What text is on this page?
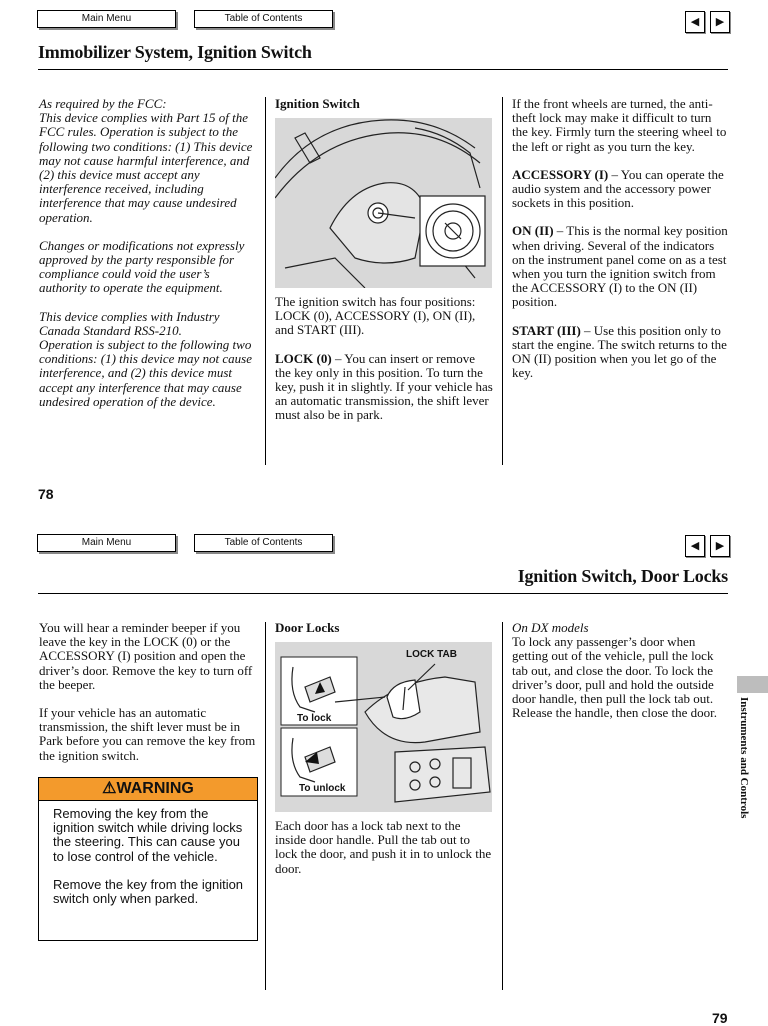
Main Menu	Table of Contents	◀	▶
Immobilizer System, Ignition Switch

As required by the FCC:

This device complies with Part 15 of the FCC rules. Operation is subject to the following two conditions: (1) This device may not cause harmful interference, and (2) this device must accept any interference received, including interference that may cause undesired operation.

Changes or modifications not expressly approved by the party responsible for compliance could void the user’s authority to operate the equipment.

This device complies with Industry Canada Standard RSS-210.

Operation is subject to the following two conditions: (1) this device may not cause interference, and (2) this device must accept any interference that may cause undesired operation of the device.

Ignition Switch

The ignition switch has four positions: LOCK (0), ACCESSORY (I), ON (II), and START (III).

LOCK (0) ‒ You can insert or remove the key only in this position. To turn the key, push it in slightly. If your vehicle has an automatic transmission, the shift lever must also be in park.

If the front wheels are turned, the anti-theft lock may make it difficult to turn the key. Firmly turn the steering wheel to the left or right as you turn the key.

ACCESSORY (I) ‒ You can operate the audio system and the accessory power sockets in this position.

ON (II) ‒ This is the normal key position when driving. Several of the indicators on the instrument panel come on as a test when you turn the ignition switch from the ACCESSORY (I) to the ON (II) position.

START (III) ‒ Use this position only to start the engine. The switch returns to the ON (II) position when you let go of the key.

78
Main Menu	Table of Contents	◀	▶
Ignition Switch, Door Locks

You will hear a reminder beeper if you leave the key in the LOCK (0) or the ACCESSORY (I) position and open the driver’s door. Remove the key to turn off the beeper.

If your vehicle has an automatic transmission, the shift lever must be in Park before you can remove the key from the ignition switch.

⚠WARNING

Removing the key from the ignition switch while driving locks the steering. This can cause you to lose control of the vehicle.

Remove the key from the ignition switch only when parked.

Door Locks

LOCK TAB
To lock
To unlock

Each door has a lock tab next to the inside door handle. Pull the tab out to lock the door, and push it in to unlock the door.

On DX models

To lock any passenger’s door when getting out of the vehicle, pull the lock tab out, and close the door. To lock the driver’s door, pull and hold the outside door handle, then pull the lock tab out. Release the handle, then close the door.	Instruments and Controls
79
